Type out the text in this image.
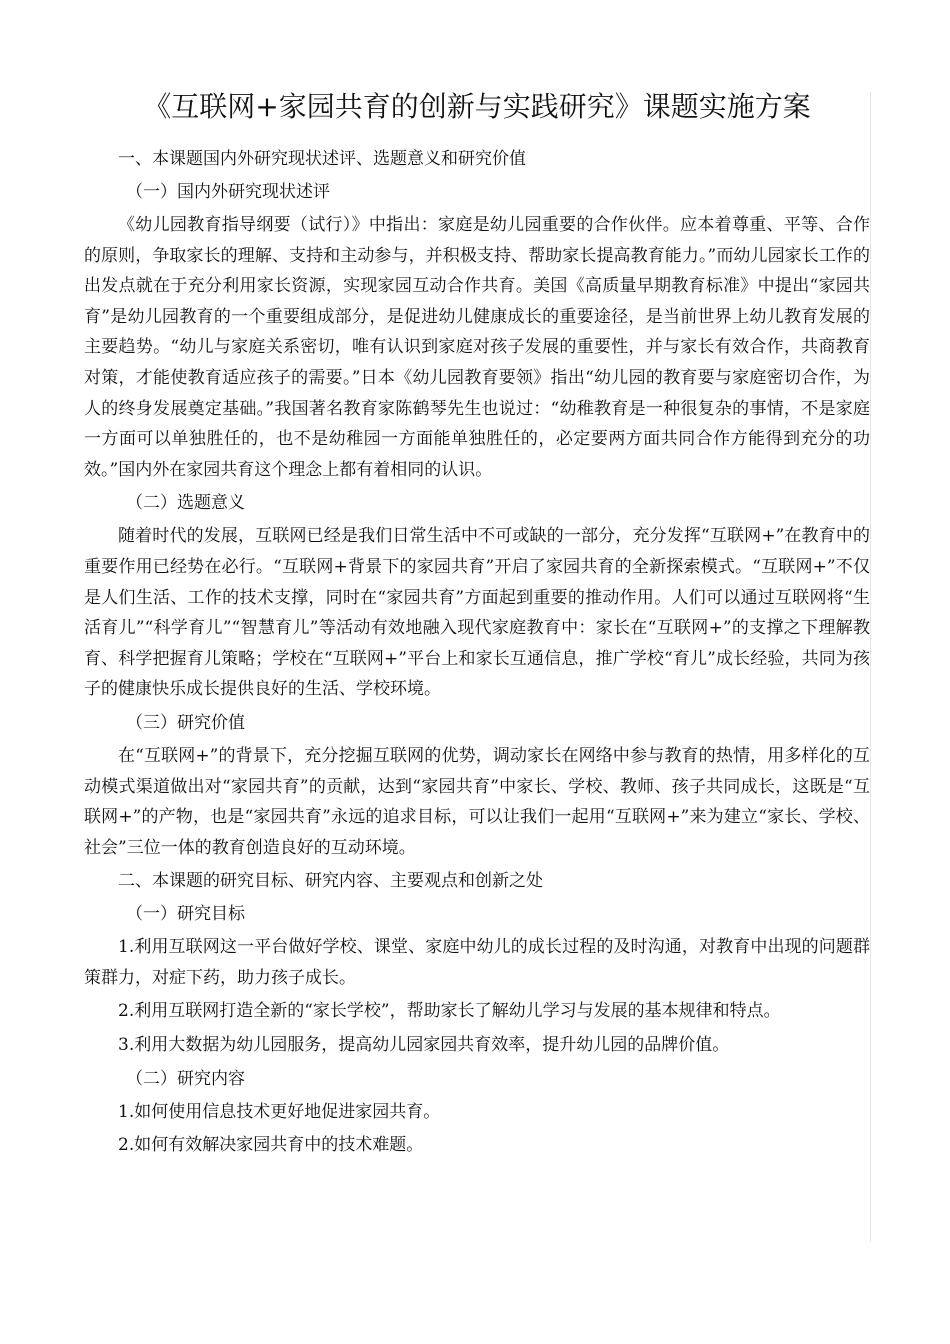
《互联网+家园共育的创新与实践研究》课题实施方案

一、本课题国内外研究现状述评、选题意义和研究价值

（一）国内外研究现状述评

《幼儿园教育指导纲要（试行）》中指出：家庭是幼儿园重要的合作伙伴。应本着尊重、平等、合作的原则，争取家长的理解、支持和主动参与，并积极支持、帮助家长提高教育能力。”而幼儿园家长工作的出发点就在于充分利用家长资源，实现家园互动合作共育。美国《高质量早期教育标准》中提出“家园共育”是幼儿园教育的一个重要组成部分，是促进幼儿健康成长的重要途径，是当前世界上幼儿教育发展的主要趋势。“幼儿与家庭关系密切，唯有认识到家庭对孩子发展的重要性，并与家长有效合作，共商教育对策，才能使教育适应孩子的需要。”日本《幼儿园教育要领》指出“幼儿园的教育要与家庭密切合作，为人的终身发展奠定基础。”我国著名教育家陈鹤琴先生也说过：“幼稚教育是一种很复杂的事情，不是家庭一方面可以单独胜任的，也不是幼稚园一方面能单独胜任的，必定要两方面共同合作方能得到充分的功效。”国内外在家园共育这个理念上都有着相同的认识。

（二）选题意义

随着时代的发展，互联网已经是我们日常生活中不可或缺的一部分，充分发挥“互联网+”在教育中的重要作用已经势在必行。“互联网+背景下的家园共育”开启了家园共育的全新探索模式。“互联网+”不仅是人们生活、工作的技术支撑，同时在“家园共育”方面起到重要的推动作用。人们可以通过互联网将“生活育儿”“科学育儿”“智慧育儿”等活动有效地融入现代家庭教育中：家长在“互联网+”的支撑之下理解教育、科学把握育儿策略；学校在“互联网+”平台上和家长互通信息，推广学校“育儿”成长经验，共同为孩子的健康快乐成长提供良好的生活、学校环境。

（三）研究价值

在“互联网+”的背景下，充分挖掘互联网的优势，调动家长在网络中参与教育的热情，用多样化的互动模式渠道做出对“家园共育”的贡献，达到“家园共育”中家长、学校、教师、孩子共同成长，这既是“互联网+”的产物，也是“家园共育”永远的追求目标，可以让我们一起用“互联网+”来为建立“家长、学校、社会”三位一体的教育创造良好的互动环境。

二、本课题的研究目标、研究内容、主要观点和创新之处

（一）研究目标

1.利用互联网这一平台做好学校、课堂、家庭中幼儿的成长过程的及时沟通，对教育中出现的问题群策群力，对症下药，助力孩子成长。

2.利用互联网打造全新的“家长学校”，帮助家长了解幼儿学习与发展的基本规律和特点。

3.利用大数据为幼儿园服务，提高幼儿园家园共育效率，提升幼儿园的品牌价值。

（二）研究内容

1.如何使用信息技术更好地促进家园共育。

2.如何有效解决家园共育中的技术难题。
